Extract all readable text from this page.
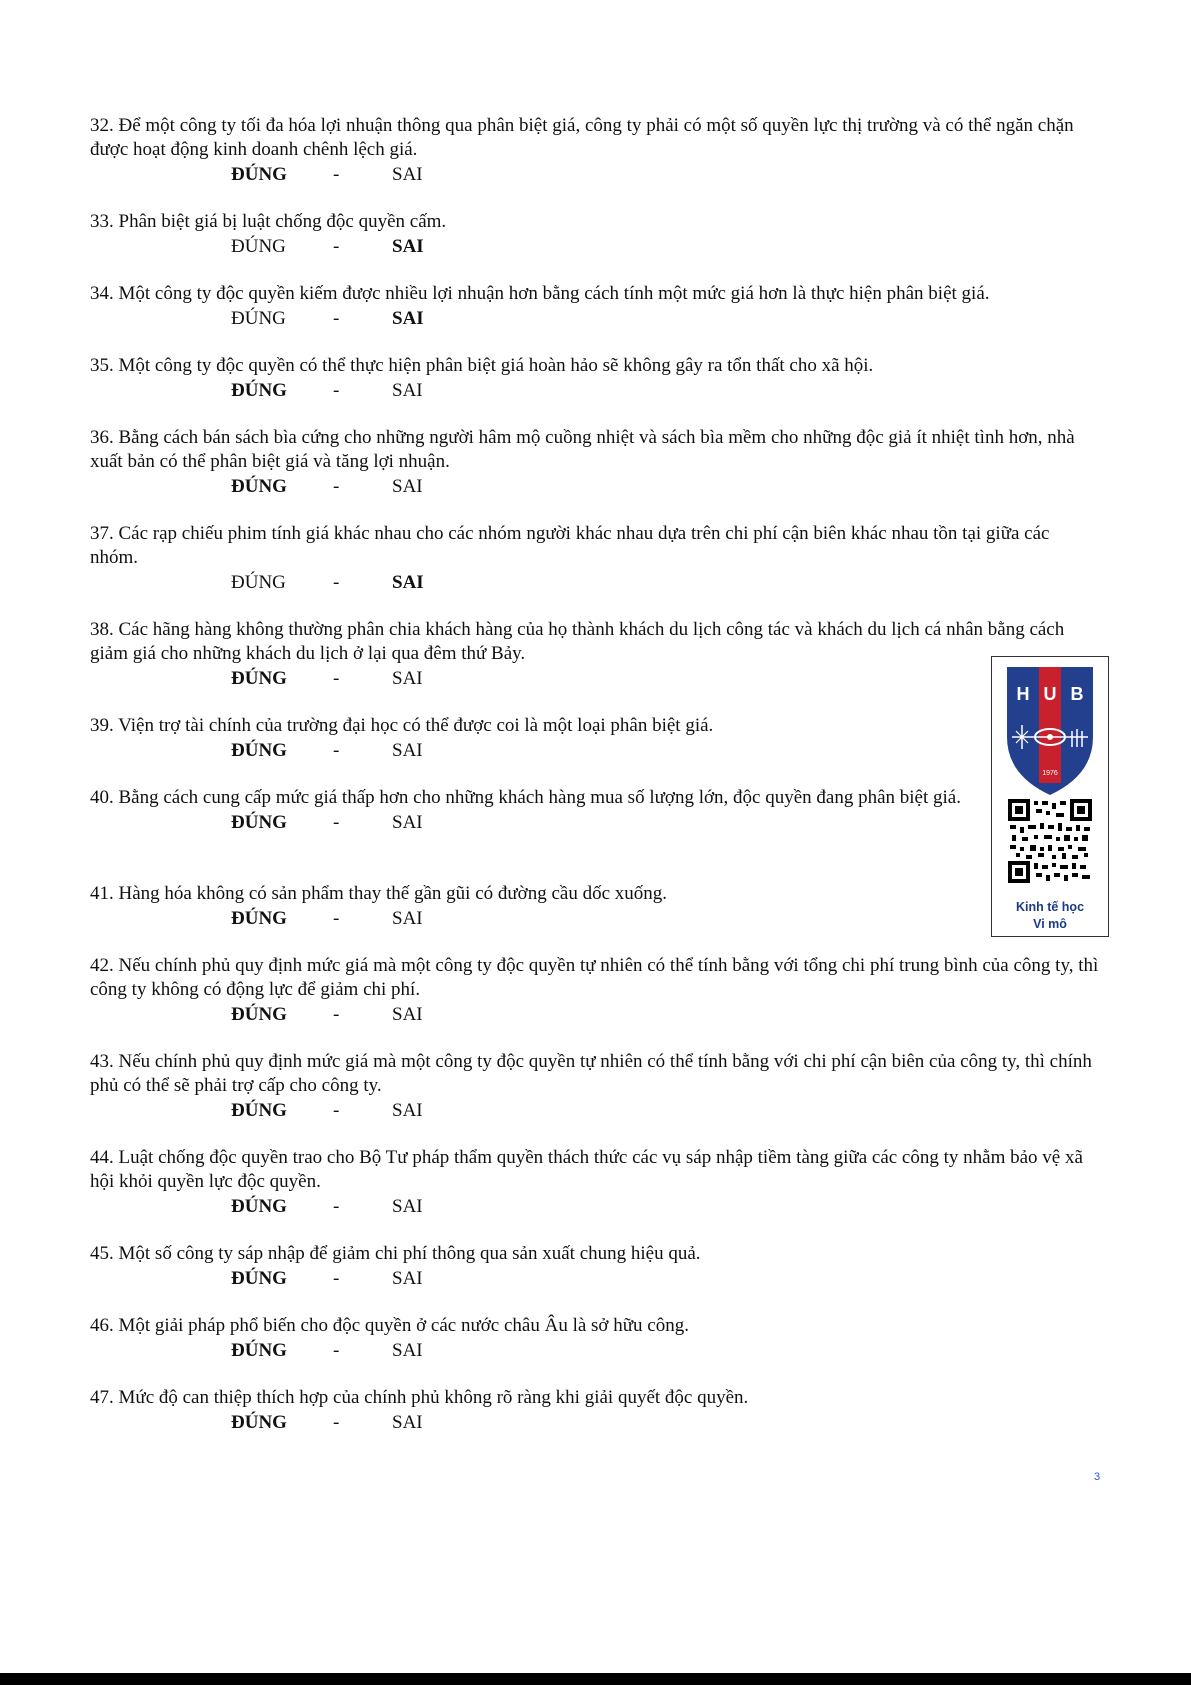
32. Để một công ty tối đa hóa lợi nhuận thông qua phân biệt giá, công ty phải có một số quyền lực thị trường và có thể ngăn chặn được hoạt động kinh doanh chênh lệch giá.

ĐÚNG -	SAI

33. Phân biệt giá bị luật chống độc quyền cấm.

ĐÚNG -	SAI

34. Một công ty độc quyền kiếm được nhiều lợi nhuận hơn bằng cách tính một mức giá hơn là thực hiện phân biệt giá.

ĐÚNG -	SAI

35. Một công ty độc quyền có thể thực hiện phân biệt giá hoàn hảo sẽ không gây ra tổn thất cho xã hội.

ĐÚNG -	SAI

36. Bằng cách bán sách bìa cứng cho những người hâm mộ cuồng nhiệt và sách bìa mềm cho những độc giả ít nhiệt tình hơn, nhà xuất bản có thể phân biệt giá và tăng lợi nhuận.

ĐÚNG -	SAI

37. Các rạp chiếu phim tính giá khác nhau cho các nhóm người khác nhau dựa trên chi phí cận biên khác nhau tồn tại giữa các nhóm.

ĐÚNG -	SAI

38. Các hãng hàng không thường phân chia khách hàng của họ thành khách du lịch công tác và khách du lịch cá nhân bằng cách giảm giá cho những khách du lịch ở lại qua đêm thứ Bảy.

ĐÚNG -	SAI

39. Viện trợ tài chính của trường đại học có thể được coi là một loại phân biệt giá.

ĐÚNG -	SAI

40. Bằng cách cung cấp mức giá thấp hơn cho những khách hàng mua số lượng lớn, độc quyền đang phân biệt giá.

ĐÚNG -	SAI

41. Hàng hóa không có sản phẩm thay thế gần gũi có đường cầu dốc xuống.

ĐÚNG -	SAI

42. Nếu chính phủ quy định mức giá mà một công ty độc quyền tự nhiên có thể tính bằng với tổng chi phí trung bình của công ty, thì công ty không có động lực để giảm chi phí.

ĐÚNG -	SAI

43. Nếu chính phủ quy định mức giá mà một công ty độc quyền tự nhiên có thể tính bằng với chi phí cận biên của công ty, thì chính phủ có thể sẽ phải trợ cấp cho công ty.

ĐÚNG -	SAI

44. Luật chống độc quyền trao cho Bộ Tư pháp thẩm quyền thách thức các vụ sáp nhập tiềm tàng giữa các công ty nhằm bảo vệ xã hội khỏi quyền lực độc quyền.

ĐÚNG -	SAI

45. Một số công ty sáp nhập để giảm chi phí thông qua sản xuất chung hiệu quả.

ĐÚNG -	SAI

46. Một giải pháp phổ biến cho độc quyền ở các nước châu Âu là sở hữu công.

ĐÚNG -	SAI

47. Mức độ can thiệp thích hợp của chính phủ không rõ ràng khi giải quyết độc quyền.

ĐÚNG -	SAI
H U B
1976
Kinh tế học
Vi mô
3
